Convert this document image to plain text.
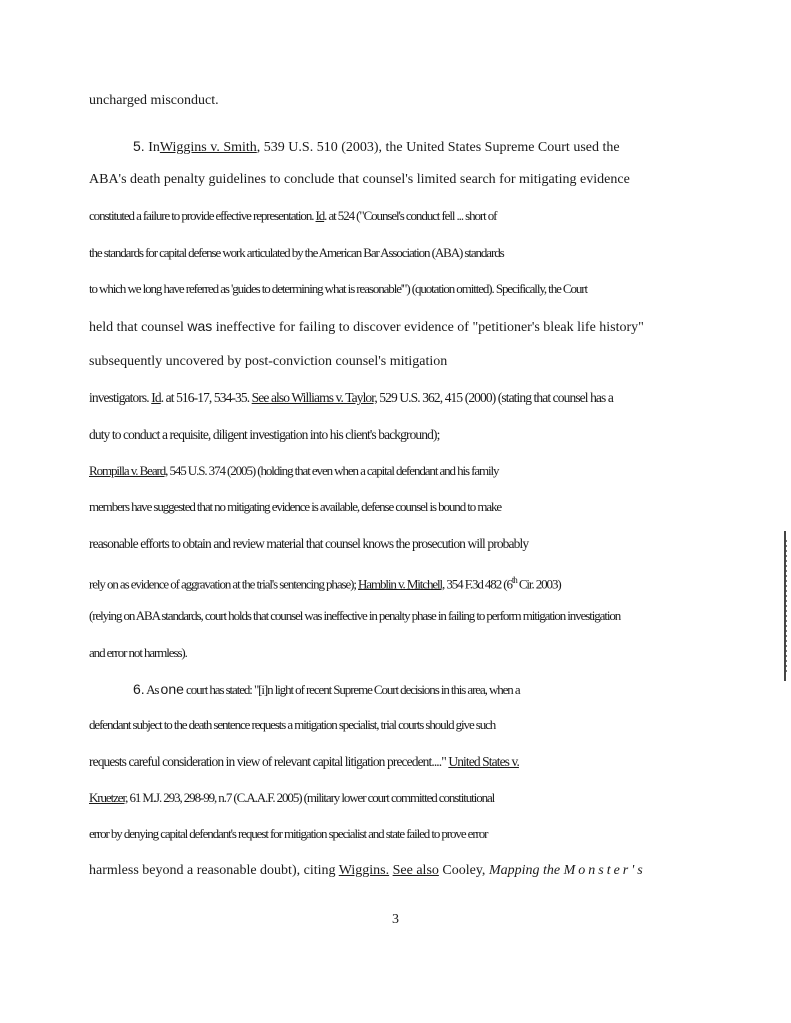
uncharged misconduct.
5. InWiggins v. Smith, 539 U.S. 510 (2003), the United States Supreme Court used the
ABA's death penalty guidelines to conclude that counsel's limited search for mitigating evidence
constituted a failure to provide effective representation. Id. at 524 ("Counsel's conduct fell ... short of
the standards for capital defense work articulated by the American Bar Association (ABA) standards
to which we long have referred as 'guides to determining what is reasonable'") (quotation omitted). Specifically, the Court
held that counsel was ineffective for failing to discover evidence of "petitioner's bleak life history"
subsequently uncovered by post-conviction counsel's mitigation
investigators. Id. at 516-17, 534-35. See also Williams v. Taylor, 529 U.S. 362, 415 (2000) (stating that counsel has a
duty to conduct a requisite, diligent investigation into his client's background);
Rompilla v. Beard, 545 U.S. 374 (2005) (holding that even when a capital defendant and his family
members have suggested that no mitigating evidence is available, defense counsel is bound to make
reasonable efforts to obtain and review material that counsel knows the prosecution will probably
rely on as evidence of aggravation at the trial's sentencing phase); Hamblin v. Mitchell, 354 F.3d 482 (6th Cir. 2003)
(relying on ABA standards, court holds that counsel was ineffective in penalty phase in failing to perform mitigation investigation
and error not harmless).
6. As one court has stated: "[i]n light of recent Supreme Court decisions in this area, when a
defendant subject to the death sentence requests a mitigation specialist, trial courts should give such
requests careful consideration in view of relevant capital litigation precedent...." United States v.
Kruetzer, 61 M.J. 293, 298-99, n.7 (C.A.A.F. 2005) (military lower court committed constitutional
error by denying capital defendant's request for mitigation specialist and state failed to prove error
harmless beyond a reasonable doubt), citing Wiggins. See also Cooley, Mapping the Monster's
3
